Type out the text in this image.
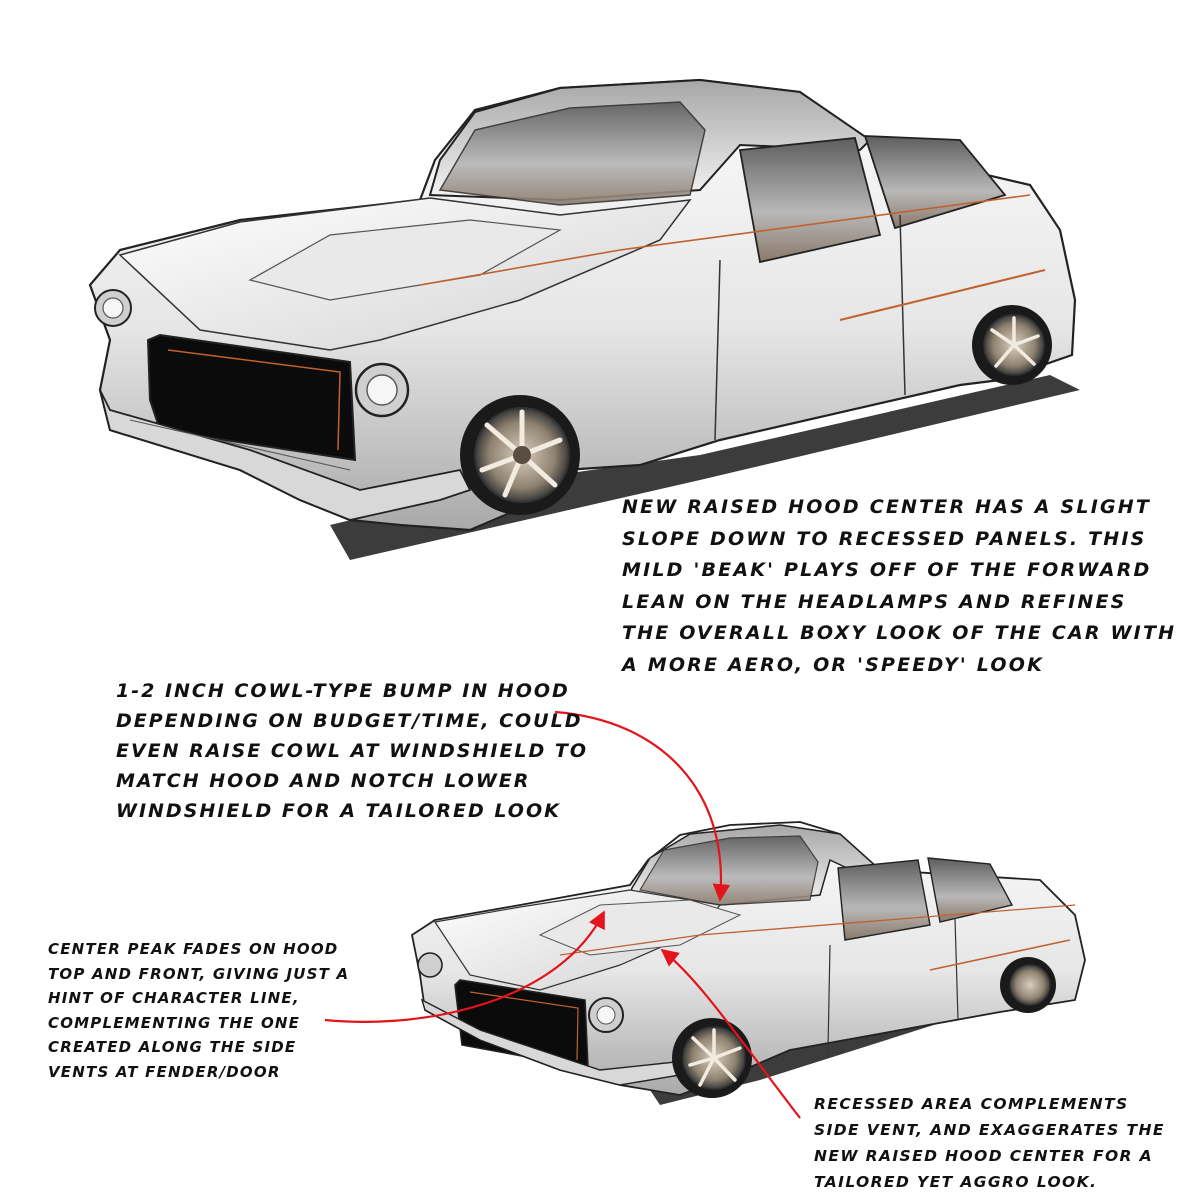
NEW RAISED HOOD CENTER HAS A SLIGHT
SLOPE DOWN TO RECESSED PANELS. THIS
MILD 'BEAK' PLAYS OFF OF THE FORWARD
LEAN ON THE HEADLAMPS AND REFINES
THE OVERALL BOXY LOOK OF THE CAR WITH
A MORE AERO, OR 'SPEEDY' LOOK
1-2 INCH COWL-TYPE BUMP IN HOOD
DEPENDING ON BUDGET/TIME, COULD
EVEN RAISE COWL AT WINDSHIELD TO
MATCH HOOD AND NOTCH LOWER
WINDSHIELD FOR A TAILORED LOOK
CENTER PEAK FADES ON HOOD
TOP AND FRONT, GIVING JUST A
HINT OF CHARACTER LINE,
COMPLEMENTING THE ONE
CREATED ALONG THE SIDE
VENTS AT FENDER/DOOR
RECESSED AREA COMPLEMENTS
SIDE VENT, AND EXAGGERATES THE
NEW RAISED HOOD CENTER FOR A
TAILORED YET AGGRO LOOK.
